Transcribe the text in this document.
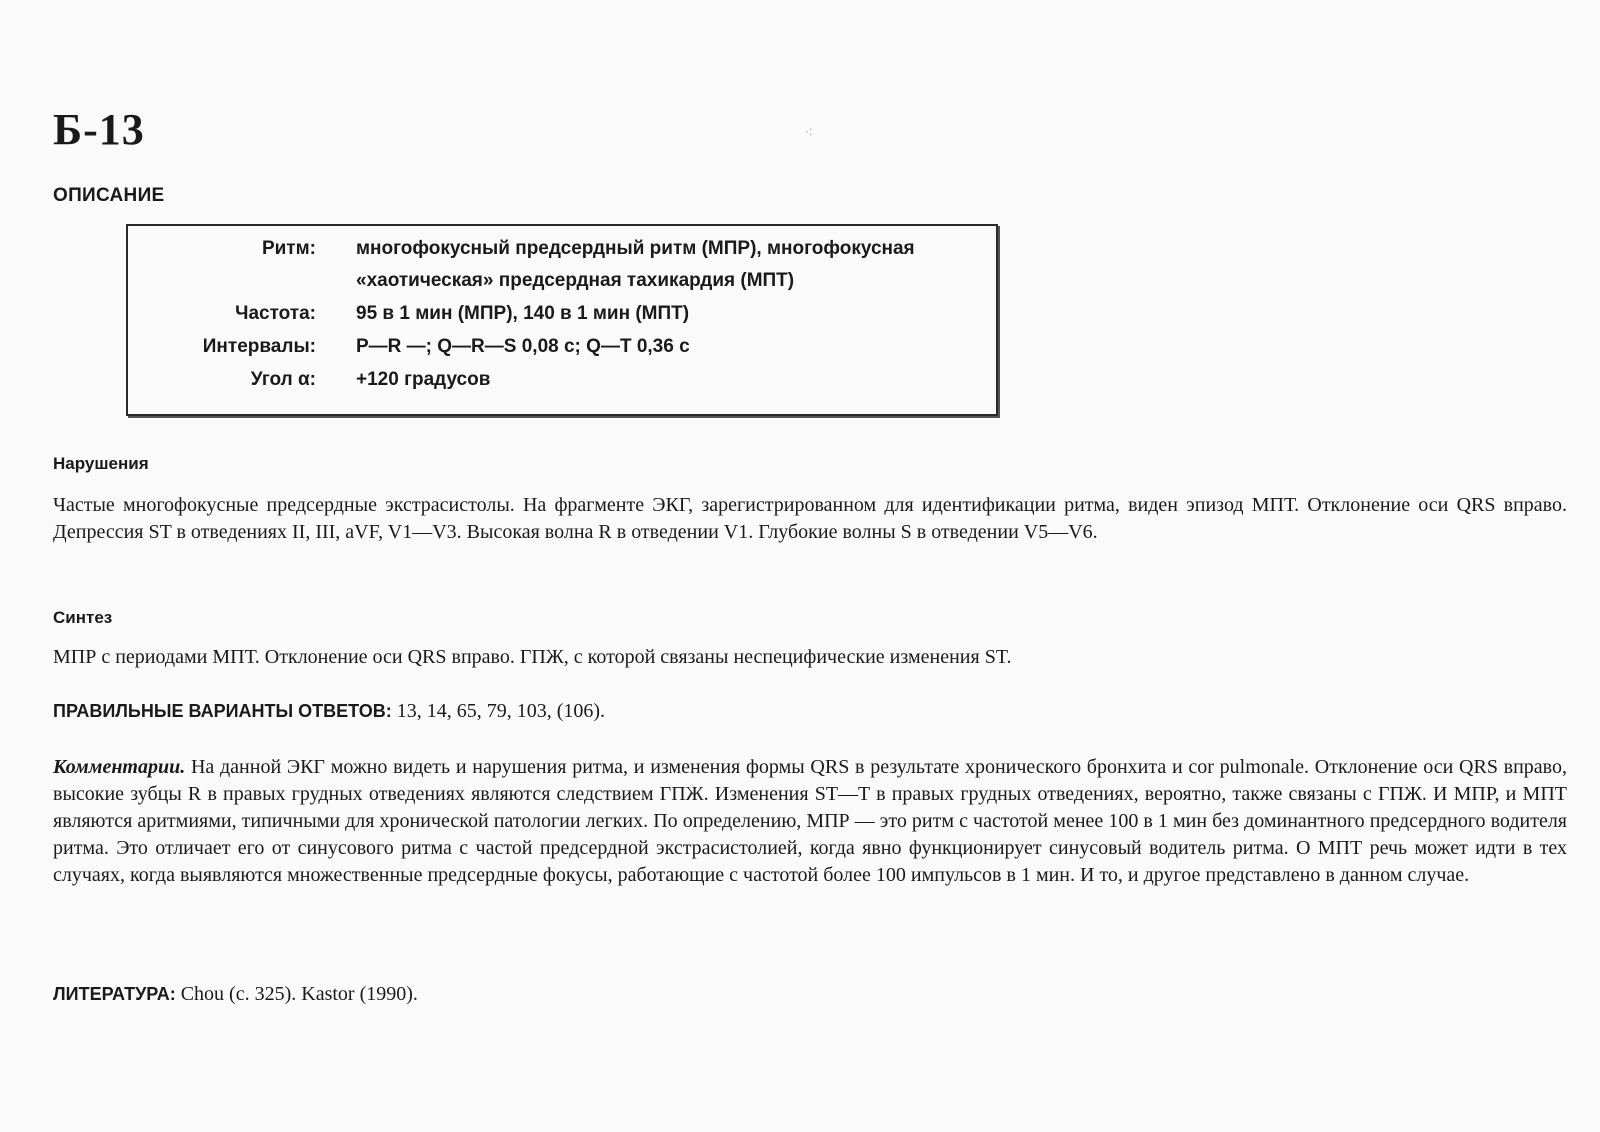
Б-13	·:
ОПИСАНИЕ
Ритм: многофокусный предсердный ритм (МПР), многофокусная
«хаотическая» предсердная тахикардия (МПТ)
Частота: 95 в 1 мин (МПР), 140 в 1 мин (МПТ)
Интервалы: P—R —; Q—R—S 0,08 с; Q—T 0,36 с
Угол α: +120 градусов
Нарушения
Частые многофокусные предсердные экстрасистолы. На фрагменте ЭКГ, зарегистрированном для идентификации ритма, виден эпизод МПТ. Отклонение оси QRS вправо. Депрессия ST в отведениях II, III, aVF, V1—V3. Высокая волна R в отведении V1. Глубокие волны S в отведении V5—V6.
Синтез
МПР с периодами МПТ. Отклонение оси QRS вправо. ГПЖ, с которой связаны неспецифические изменения ST.
ПРАВИЛЬНЫЕ ВАРИАНТЫ ОТВЕТОВ: 13, 14, 65, 79, 103, (106).
Комментарии. На данной ЭКГ можно видеть и нарушения ритма, и изменения формы QRS в результате хронического бронхита и cor pulmonale. Отклонение оси QRS вправо, высокие зубцы R в правых грудных отведениях являются следствием ГПЖ. Изменения ST—T в правых грудных отведениях, вероятно, также связаны с ГПЖ. И МПР, и МПТ являются аритмиями, типичными для хронической патологии легких. По определению, МПР — это ритм с частотой менее 100 в 1 мин без доминантного предсердного водителя ритма. Это отличает его от синусового ритма с частой предсердной экстрасистолией, когда явно функционирует синусовый водитель ритма. О МПТ речь может идти в тех случаях, когда выявляются множественные предсердные фокусы, работающие с частотой более 100 импульсов в 1 мин. И то, и другое представлено в данном случае.
ЛИТЕРАТУРА: Chou (с. 325). Kastor (1990).
